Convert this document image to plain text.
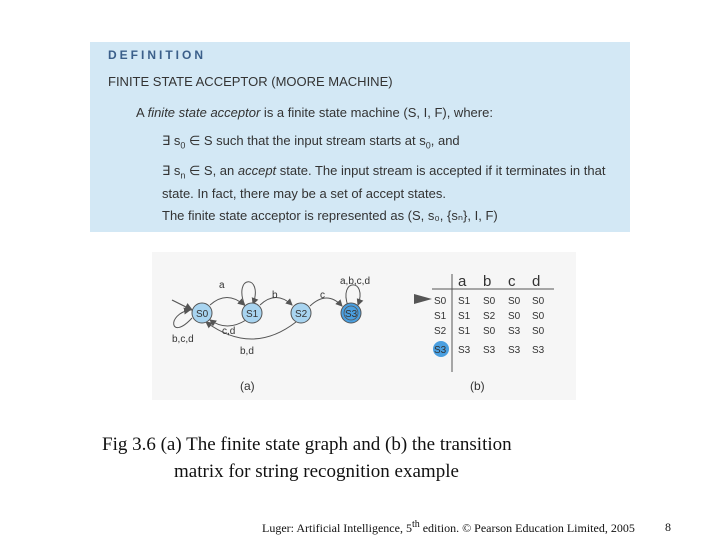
DEFINITION
FINITE STATE ACCEPTOR (MOORE MACHINE)
A finite state acceptor is a finite state machine (S, I, F), where:
∃ $s_0$ ∈ S such that the input stream starts at $s_0$, and
∃ $s_n$ ∈ S, an accept state. The input stream is accepted if it terminates in that state. In fact, there may be a set of accept states.
The finite state acceptor is represented as (S, s₀, {sₙ}, I, F)
S0	S1	S2	S3
a
b	c
a,b,c,d
c,d
b,c,d
b,d
(a)
a b c d
S0 S1 S0 S0 S0
S1 S1 S2 S0 S0
S2 S1 S0 S3 S0
S3 S3 S3 S3 S3
(b)
Fig 3.6 (a) The finite state graph and (b) the transition
matrix for string recognition example
Luger: Artificial Intelligence, 5th edition. © Pearson Education Limited, 2005	8
